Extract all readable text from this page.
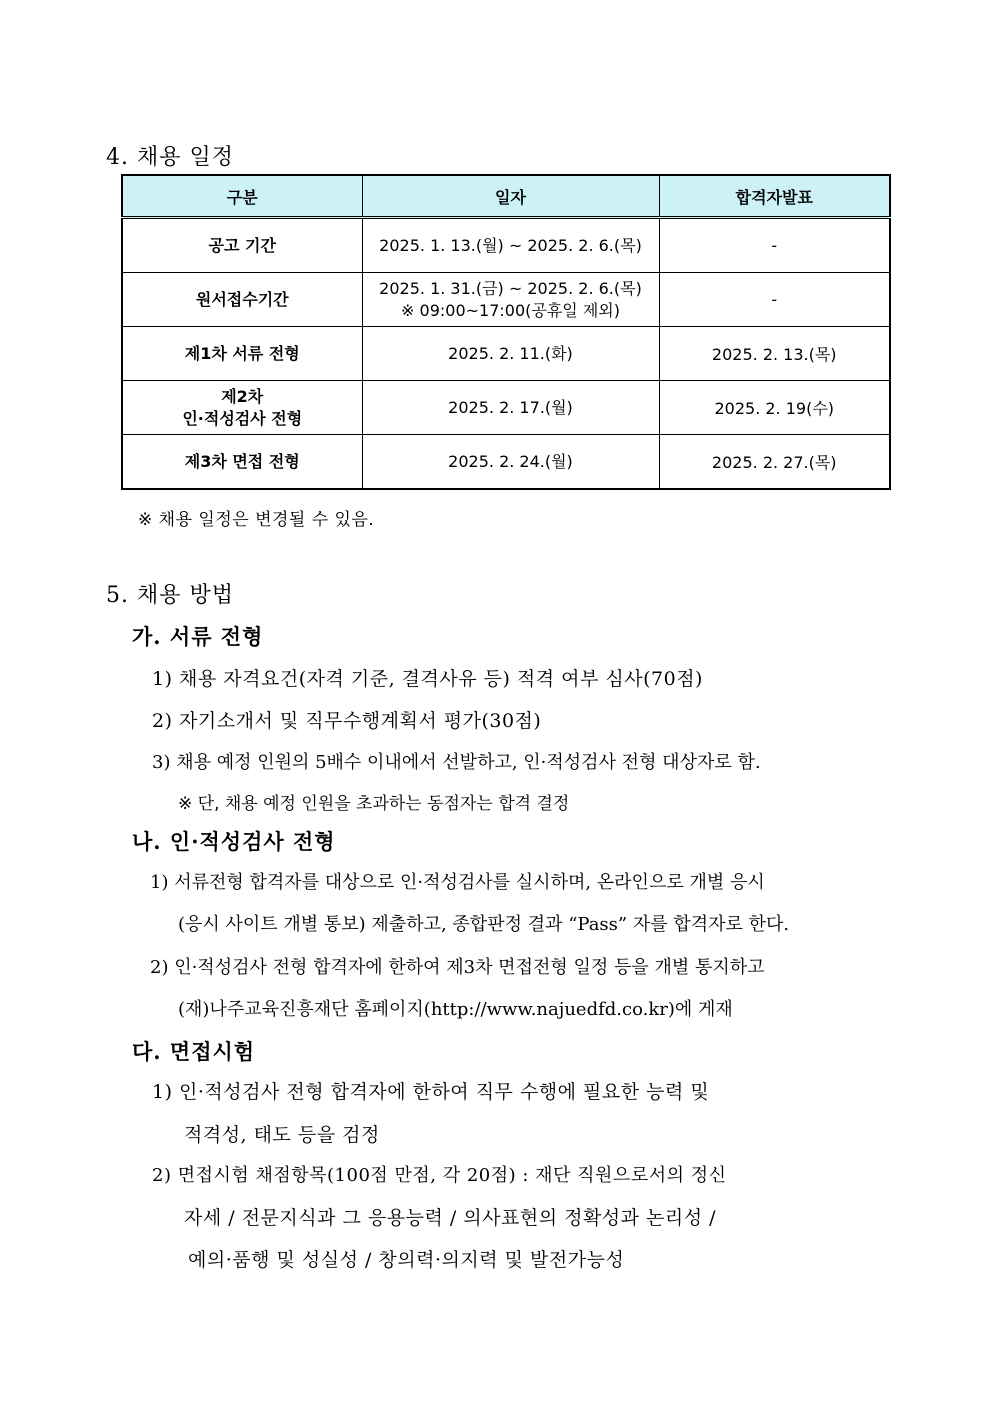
4. 채용 일정
구분	일자	합격자발표

공고 기간	2025. 1. 13.(월) ~ 2025. 2. 6.(목)	-

원서접수기간	2025. 1. 31.(금) ~ 2025. 2. 6.(목)
※ 09:00~17:00(공휴일 제외)	-

제1차 서류 전형	2025. 2. 11.(화)	2025. 2. 13.(목)

제2차
인·적성검사 전형	2025. 2. 17.(월)	2025. 2. 19(수)

제3차 면접 전형	2025. 2. 24.(월)	2025. 2. 27.(목)
※ 채용 일정은 변경될 수 있음.
5. 채용 방법
가. 서류 전형
1) 채용 자격요건(자격 기준, 결격사유 등) 적격 여부 심사(70점)
2) 자기소개서 및 직무수행계획서 평가(30점)
3) 채용 예정 인원의 5배수 이내에서 선발하고, 인·적성검사 전형 대상자로 함.
※ 단, 채용 예정 인원을 초과하는 동점자는 합격 결정
나. 인·적성검사 전형
1) 서류전형 합격자를 대상으로 인·적성검사를 실시하며, 온라인으로 개별 응시
(응시 사이트 개별 통보) 제출하고, 종합판정 결과 “Pass” 자를 합격자로 한다.
2) 인·적성검사 전형 합격자에 한하여 제3차 면접전형 일정 등을 개별 통지하고
(재)나주교육진흥재단 홈페이지(http://www.najuedfd.co.kr)에 게재
다. 면접시험
1) 인·적성검사 전형 합격자에 한하여 직무 수행에 필요한 능력 및
적격성, 태도 등을 검정
2) 면접시험 채점항목(100점 만점, 각 20점) : 재단 직원으로서의 정신
자세 / 전문지식과 그 응용능력 / 의사표현의 정확성과 논리성 /
예의·품행 및 성실성 / 창의력·의지력 및 발전가능성
